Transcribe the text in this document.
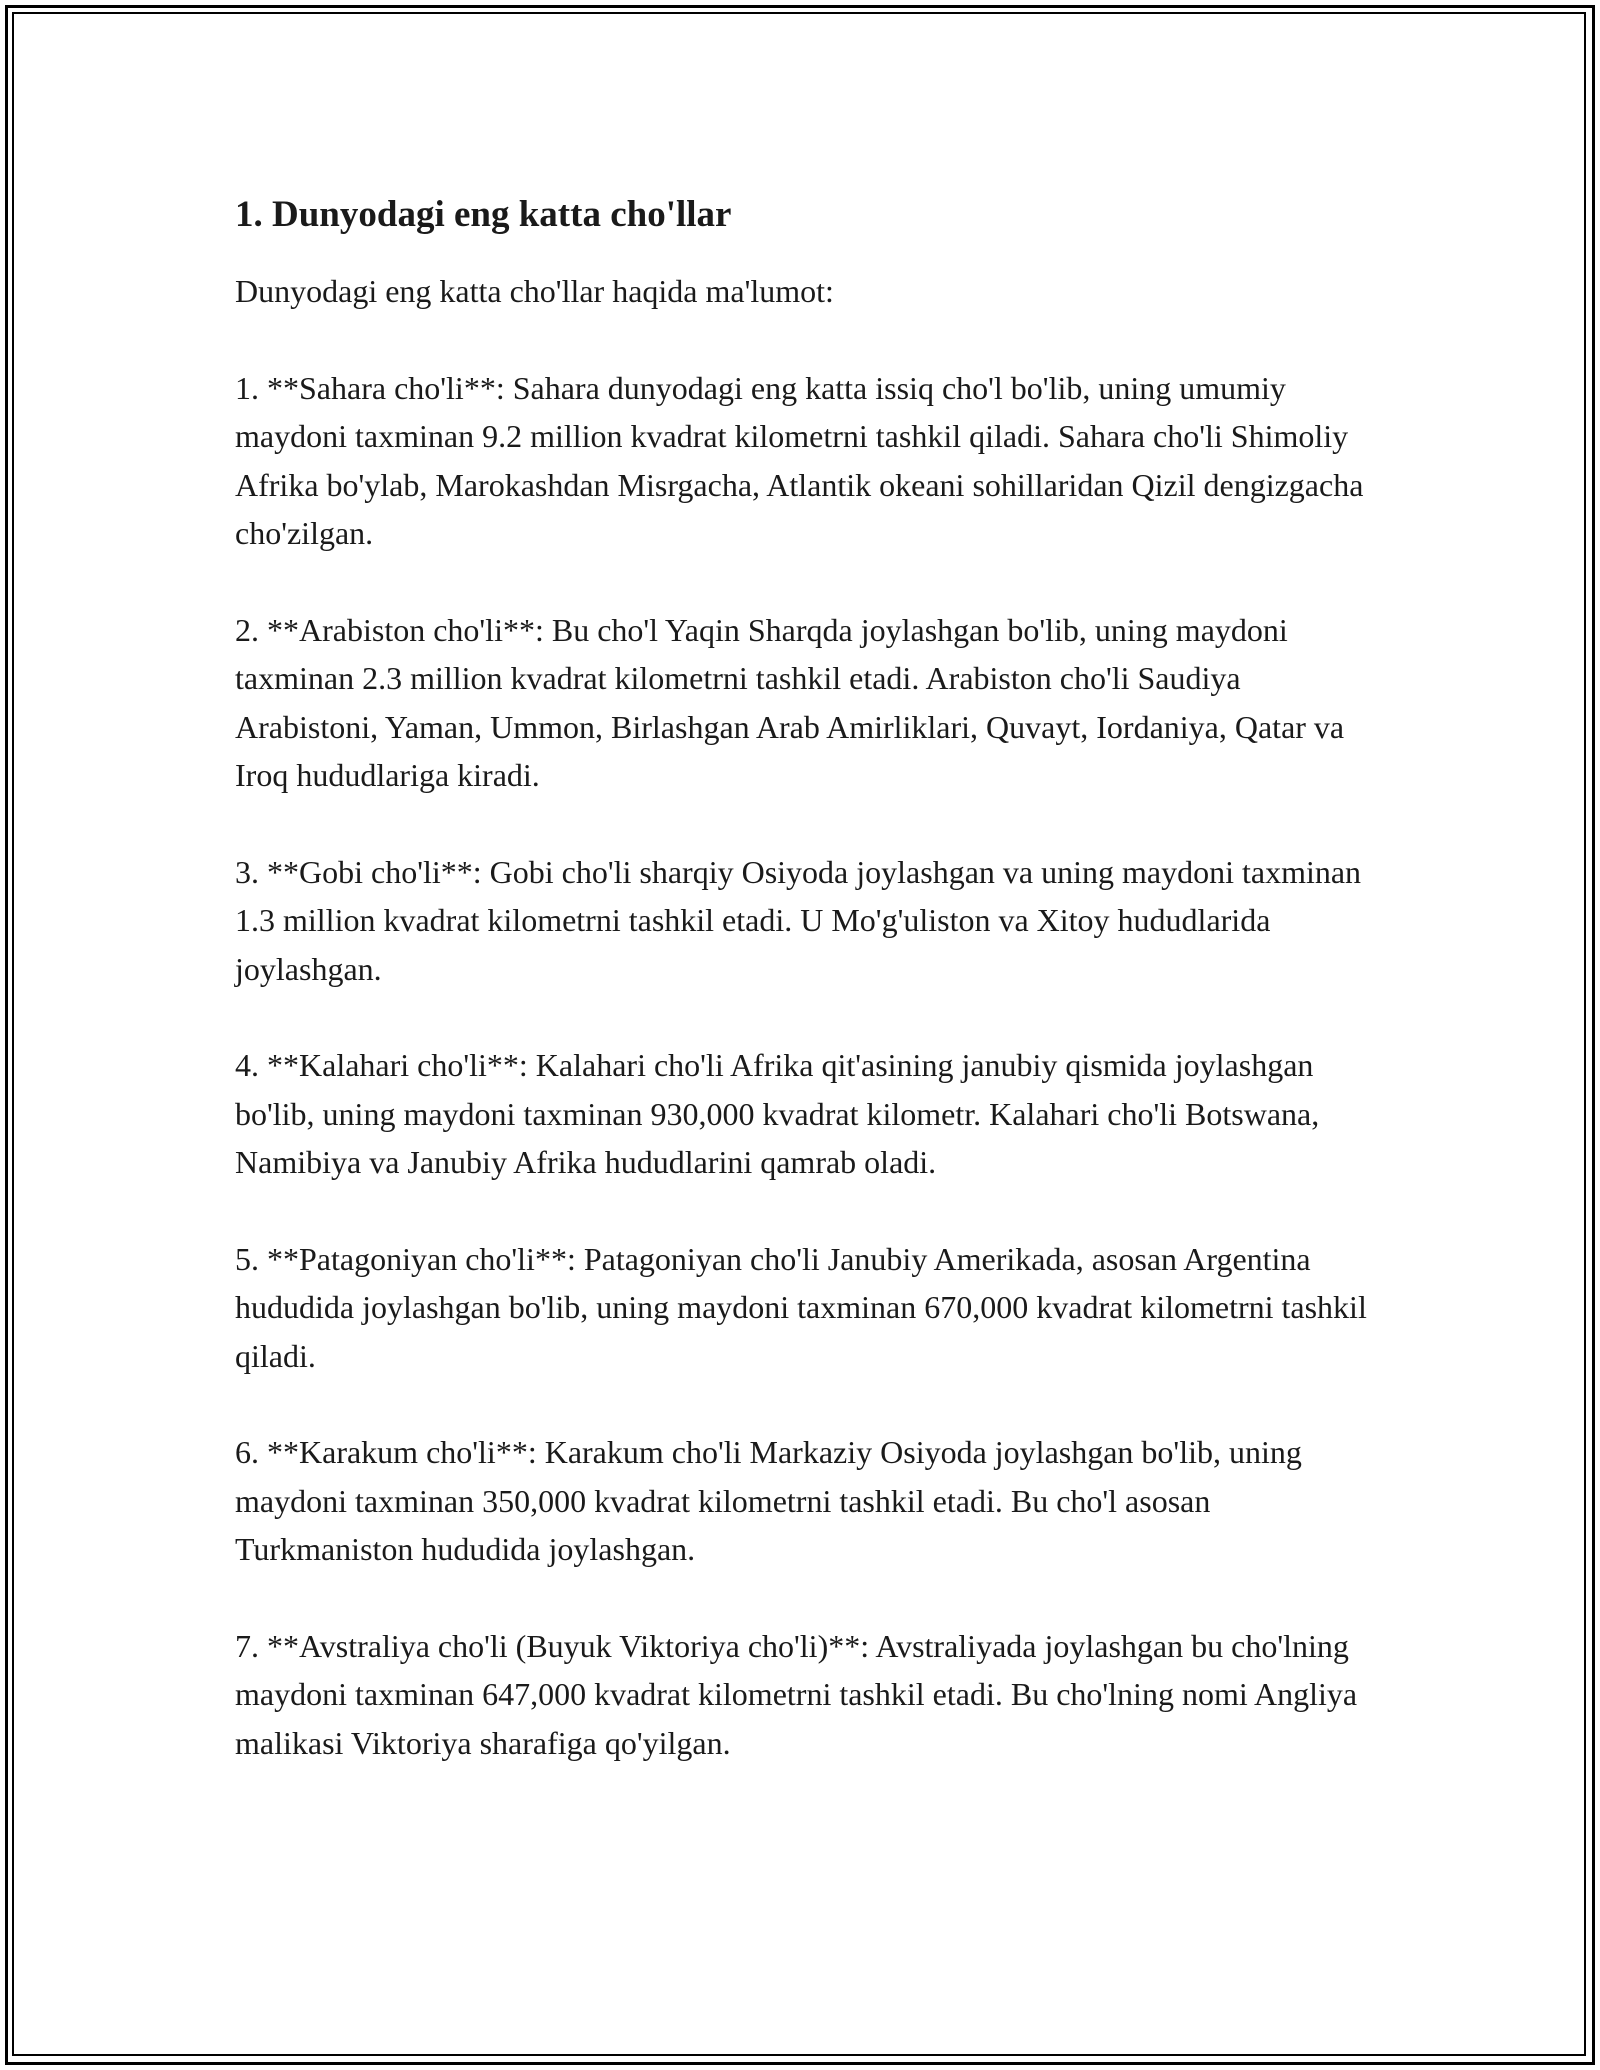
1. Dunyodagi eng katta cho'llar

Dunyodagi eng katta cho'llar haqida ma'lumot:

1. **Sahara cho'li**: Sahara dunyodagi eng katta issiq cho'l bo'lib, uning umumiy maydoni taxminan 9.2 million kvadrat kilometrni tashkil qiladi. Sahara cho'li Shimoliy Afrika bo'ylab, Marokashdan Misrgacha, Atlantik okeani sohillaridan Qizil dengizgacha cho'zilgan.

2. **Arabiston cho'li**: Bu cho'l Yaqin Sharqda joylashgan bo'lib, uning maydoni taxminan 2.3 million kvadrat kilometrni tashkil etadi. Arabiston cho'li Saudiya Arabistoni, Yaman, Ummon, Birlashgan Arab Amirliklari, Quvayt, Iordaniya, Qatar va Iroq hududlariga kiradi.

3. **Gobi cho'li**: Gobi cho'li sharqiy Osiyoda joylashgan va uning maydoni taxminan 1.3 million kvadrat kilometrni tashkil etadi. U Mo'g'uliston va Xitoy hududlarida joylashgan.

4. **Kalahari cho'li**: Kalahari cho'li Afrika qit'asining janubiy qismida joylashgan bo'lib, uning maydoni taxminan 930,000 kvadrat kilometr. Kalahari cho'li Botswana, Namibiya va Janubiy Afrika hududlarini qamrab oladi.

5. **Patagoniyan cho'li**: Patagoniyan cho'li Janubiy Amerikada, asosan Argentina hududida joylashgan bo'lib, uning maydoni taxminan 670,000 kvadrat kilometrni tashkil qiladi.

6. **Karakum cho'li**: Karakum cho'li Markaziy Osiyoda joylashgan bo'lib, uning maydoni taxminan 350,000 kvadrat kilometrni tashkil etadi. Bu cho'l asosan Turkmaniston hududida joylashgan.

7. **Avstraliya cho'li (Buyuk Viktoriya cho'li)**: Avstraliyada joylashgan bu cho'lning maydoni taxminan 647,000 kvadrat kilometrni tashkil etadi. Bu cho'lning nomi Angliya malikasi Viktoriya sharafiga qo'yilgan.
